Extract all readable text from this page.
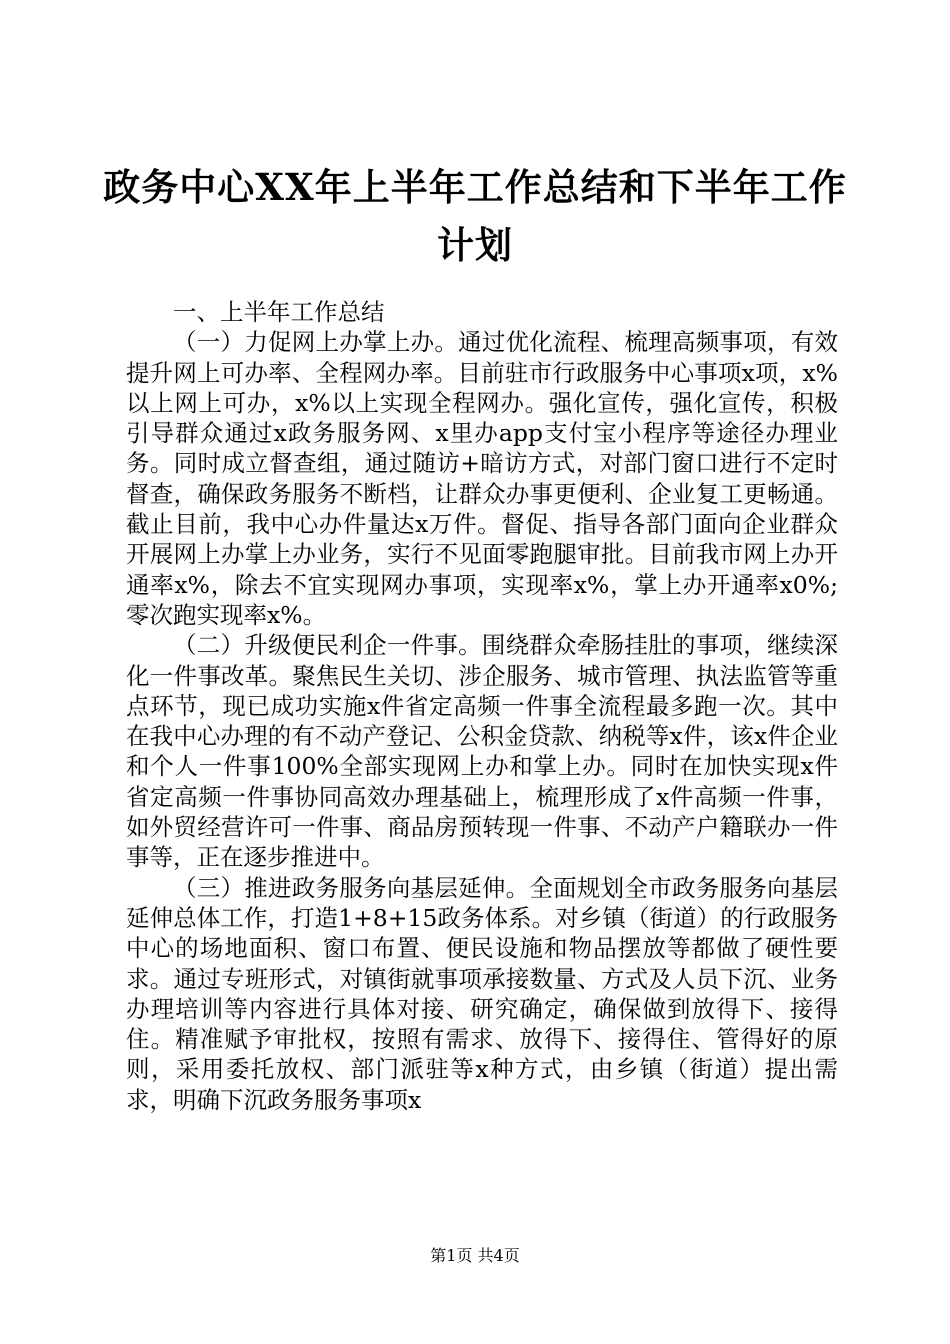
政务中心XX年上半年工作总结和下半年工作计划

一、上半年工作总结

（一）力促网上办掌上办。通过优化流程、梳理高频事项，有效提升网上可办率、全程网办率。目前驻市行政服务中心事项x项，x%以上网上可办，x%以上实现全程网办。强化宣传，强化宣传，积极引导群众通过x政务服务网、x里办app支付宝小程序等途径办理业务。同时成立督查组，通过随访+暗访方式，对部门窗口进行不定时督查，确保政务服务不断档，让群众办事更便利、企业复工更畅通。截止目前，我中心办件量达x万件。督促、指导各部门面向企业群众开展网上办掌上办业务，实行不见面零跑腿审批。目前我市网上办开通率x%，除去不宜实现网办事项，实现率x%，掌上办开通率x0%;零次跑实现率x%。

（二）升级便民利企一件事。围绕群众牵肠挂肚的事项，继续深化一件事改革。聚焦民生关切、涉企服务、城市管理、执法监管等重点环节，现已成功实施x件省定高频一件事全流程最多跑一次。其中在我中心办理的有不动产登记、公积金贷款、纳税等x件，该x件企业和个人一件事100%全部实现网上办和掌上办。同时在加快实现x件省定高频一件事协同高效办理基础上，梳理形成了x件高频一件事，如外贸经营许可一件事、商品房预转现一件事、不动产户籍联办一件事等，正在逐步推进中。

（三）推进政务服务向基层延伸。全面规划全市政务服务向基层延伸总体工作，打造1+8+15政务体系。对乡镇（街道）的行政服务中心的场地面积、窗口布置、便民设施和物品摆放等都做了硬性要求。通过专班形式，对镇街就事项承接数量、方式及人员下沉、业务办理培训等内容进行具体对接、研究确定，确保做到放得下、接得住。精准赋予审批权，按照有需求、放得下、接得住、管得好的原则，采用委托放权、部门派驻等x种方式，由乡镇（街道）提出需求，明确下沉政务服务事项x

第1页 共4页
